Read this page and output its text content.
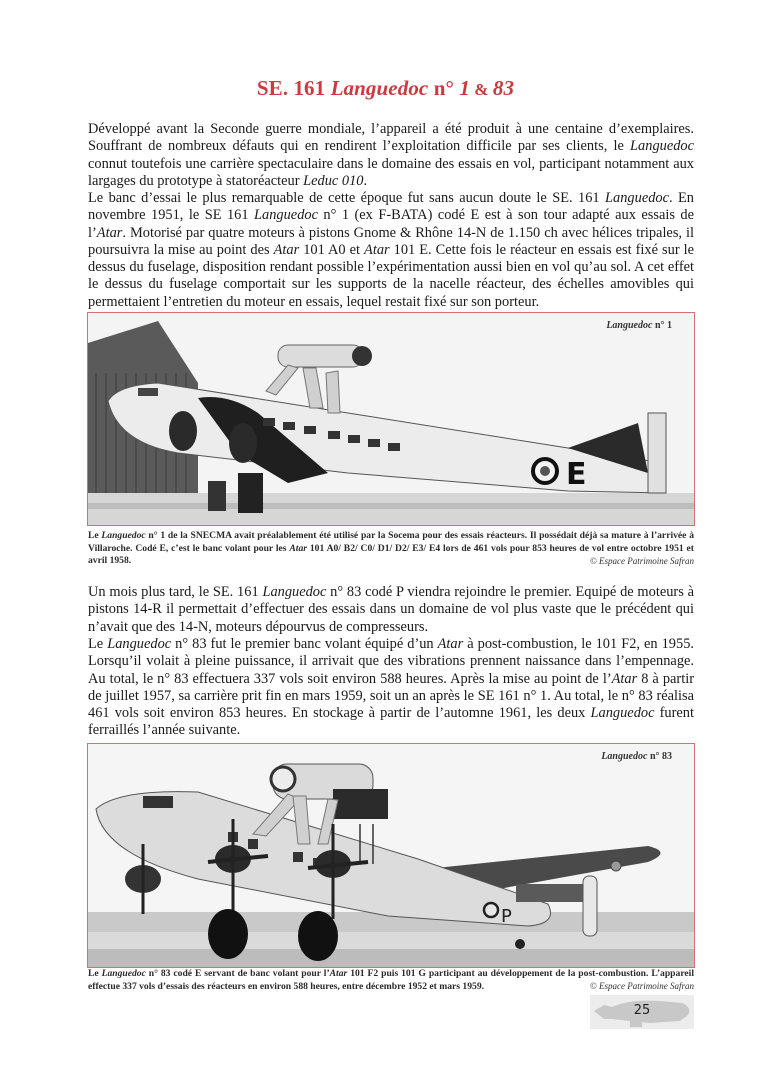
SE. 161 Languedoc n° 1 & 83

Développé avant la Seconde guerre mondiale, l’appareil a été produit à une centaine d’exemplaires. Souffrant de nombreux défauts qui en rendirent l’exploitation difficile par ses clients, le Languedoc connut toutefois une carrière spectaculaire dans le domaine des essais en vol, participant notamment aux largages du prototype à statoréacteur Leduc 010.

Le banc d’essai le plus remarquable de cette époque fut sans aucun doute le SE. 161 Languedoc. En novembre 1951, le SE 161 Languedoc n° 1 (ex F-BATA) codé E est à son tour adapté aux essais de l’Atar. Motorisé par quatre moteurs à pistons Gnome & Rhône 14-N de 1.150 ch avec hélices tripales, il poursuivra la mise au point des Atar 101 A0 et Atar 101 E. Cette fois le réacteur en essais est fixé sur le dessus du fuselage, disposition rendant possible l’expérimentation aussi bien en vol qu’au sol. A cet effet le dessus du fuselage comportait sur les supports de la nacelle réacteur, des échelles amovibles qui permettaient l’entretien du moteur en essais, lequel restait fixé sur son porteur.

E
Languedoc n° 1

Le Languedoc n° 1 de la SNECMA avait préalablement été utilisé par la Socema pour des essais réacteurs. Il possédait déjà sa mature à l’arrivée à Villaroche. Codé E, c’est le banc volant pour les Atar 101 A0/ B2/ C0/ D1/ D2/ E3/ E4 lors de 461 vols pour 853 heures de vol entre octobre 1951 et avril 1958.	© Espace Patrimoine Safran

Un mois plus tard, le SE. 161 Languedoc n° 83 codé P viendra rejoindre le premier. Equipé de moteurs à pistons 14-R il permettait d’effectuer des essais dans un domaine de vol plus vaste que le précédent qui n’avait que des 14-N, moteurs dépourvus de compresseurs.

Le Languedoc n° 83 fut le premier banc volant équipé d’un Atar à post-combustion, le 101 F2, en 1955. Lorsqu’il volait à pleine puissance, il arrivait que des vibrations prennent naissance dans l’empennage. Au total, le n° 83 effectuera 337 vols soit environ 588 heures. Après la mise au point de l’Atar 8 à partir de juillet 1957, sa carrière prit fin en mars 1959, soit un an après le SE 161 n° 1. Au total, le n° 83 réalisa 461 vols soit environ 853 heures. En stockage à partir de l’automne 1961, les deux Languedoc furent ferraillés l’année suivante.

P
Languedoc n° 83

Le Languedoc n° 83 codé E servant de banc volant pour l’Atar 101 F2 puis 101 G participant au développement de la post-combustion. L’appareil effectue 337 vols d’essais des réacteurs en environ 588 heures, entre décembre 1952 et mars 1959.	© Espace Patrimoine Safran
25
